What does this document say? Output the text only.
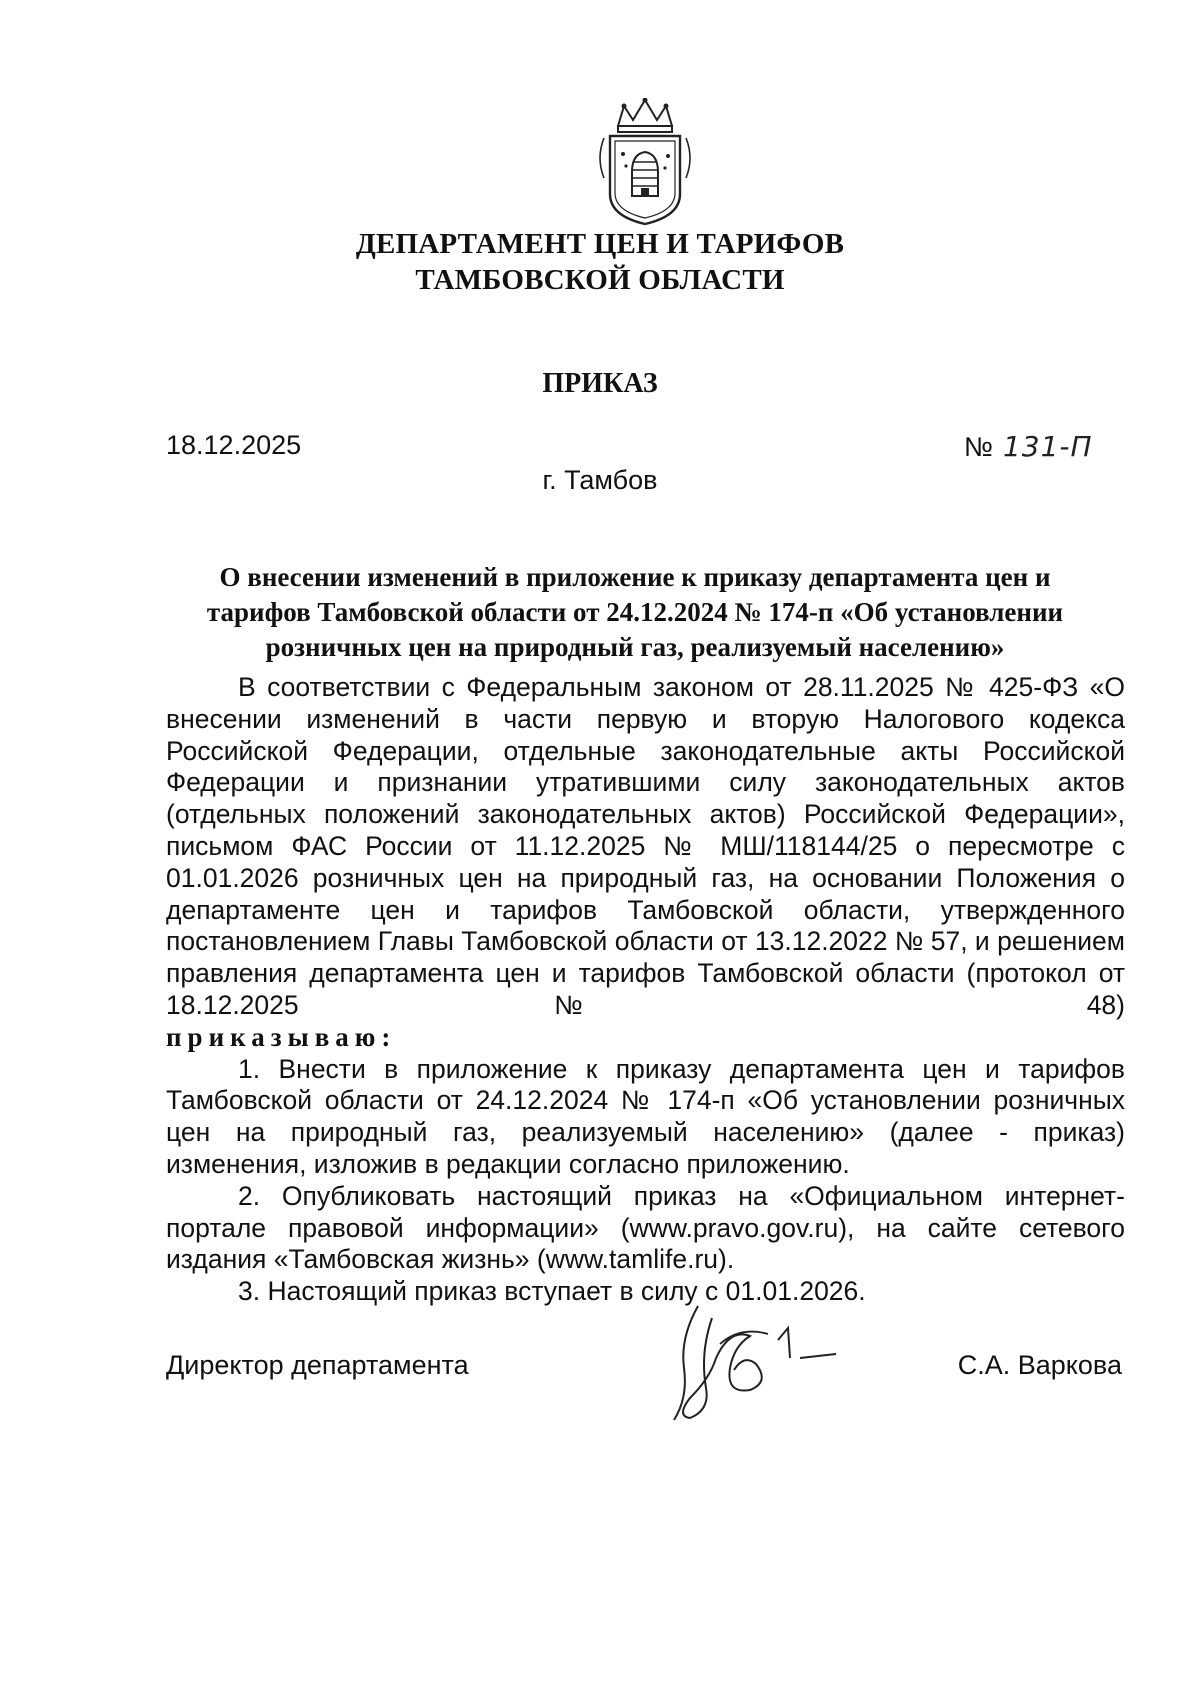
ДЕПАРТАМЕНТ ЦЕН И ТАРИФОВ
ТАМБОВСКОЙ ОБЛАСТИ
ПРИКАЗ
18.12.2025	№ 131-П
г. Тамбов
О внесении изменений в приложение к приказу департамента цен и тарифов Тамбовской области от 24.12.2024 № 174-п «Об установлении розничных цен на природный газ, реализуемый населению»

В соответствии с Федеральным законом от 28.11.2025 № 425-ФЗ «О внесении изменений в части первую и вторую Налогового кодекса Российской Федерации, отдельные законодательные акты Российской Федерации и признании утратившими силу законодательных актов (отдельных положений законодательных актов) Российской Федерации», письмом ФАС России от 11.12.2025 № МШ/118144/25 о пересмотре с 01.01.2026 розничных цен на природный газ, на основании Положения о департаменте цен и тарифов Тамбовской области, утвержденного постановлением Главы Тамбовской области от 13.12.2022 № 57, и решением правления департамента цен и тарифов Тамбовской области (протокол от 18.12.2025 № 48)

приказываю:

1. Внести в приложение к приказу департамента цен и тарифов Тамбовской области от 24.12.2024 № 174-п «Об установлении розничных цен на природный газ, реализуемый населению» (далее - приказ) изменения, изложив в редакции согласно приложению.

2. Опубликовать настоящий приказ на «Официальном интернет-портале правовой информации» (www.pravo.gov.ru), на сайте сетевого издания «Тамбовская жизнь» (www.tamlife.ru).

3. Настоящий приказ вступает в силу с 01.01.2026.

Директор департамента	С.А. Варкова
